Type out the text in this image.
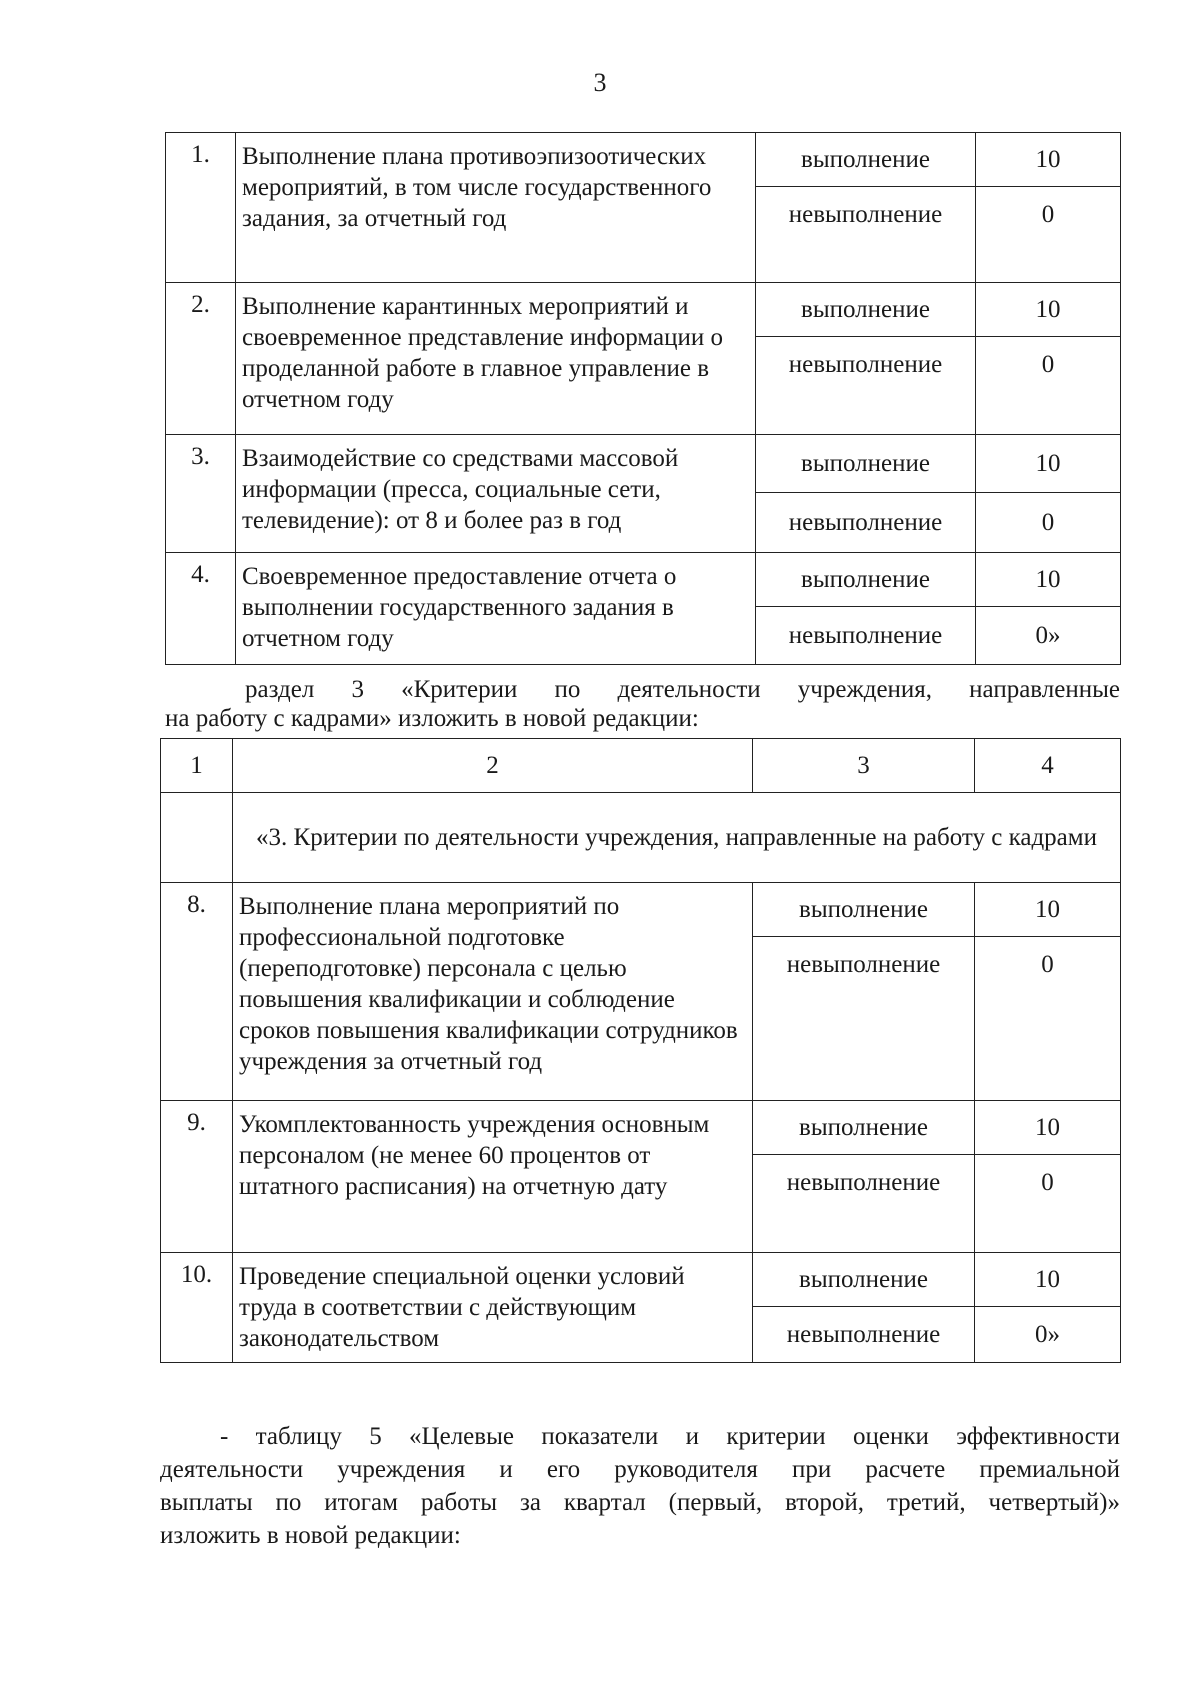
3
1.	Выполнение плана противоэпизоотических мероприятий, в том числе государственного задания, за отчетный год	выполнение	10
		невыполнение	0
2.	Выполнение карантинных мероприятий и своевременное представление информации о проделанной работе в главное управление в отчетном году	выполнение	10
		невыполнение	0
3.	Взаимодействие со средствами массовой информации (пресса, социальные сети, телевидение): от 8 и более раз в год	выполнение	10
		невыполнение	0
4.	Своевременное предоставление отчета о выполнении государственного задания в отчетном году	выполнение	10
		невыполнение	0»
раздел 3 «Критерии по деятельности учреждения, направленные
на работу с кадрами» изложить в новой редакции:
1	2	3	4
	«3. Критерии по деятельности учреждения, направленные на работу с кадрами		
8.	Выполнение плана мероприятий по профессиональной подготовке (переподготовке) персонала с целью повышения квалификации и соблюдение сроков повышения квалификации сотрудников учреждения за отчетный год	выполнение	10
		невыполнение	0
9.	Укомплектованность учреждения основным персоналом (не менее 60 процентов от штатного расписания) на отчетную дату	выполнение	10
		невыполнение	0
10.	Проведение специальной оценки условий труда в соответствии с действующим законодательством	выполнение	10
		невыполнение	0»
- таблицу 5 «Целевые показатели и критерии оценки эффективности
деятельности учреждения и его руководителя при расчете премиальной
выплаты по итогам работы за квартал (первый, второй, третий, четвертый)»
изложить в новой редакции:
